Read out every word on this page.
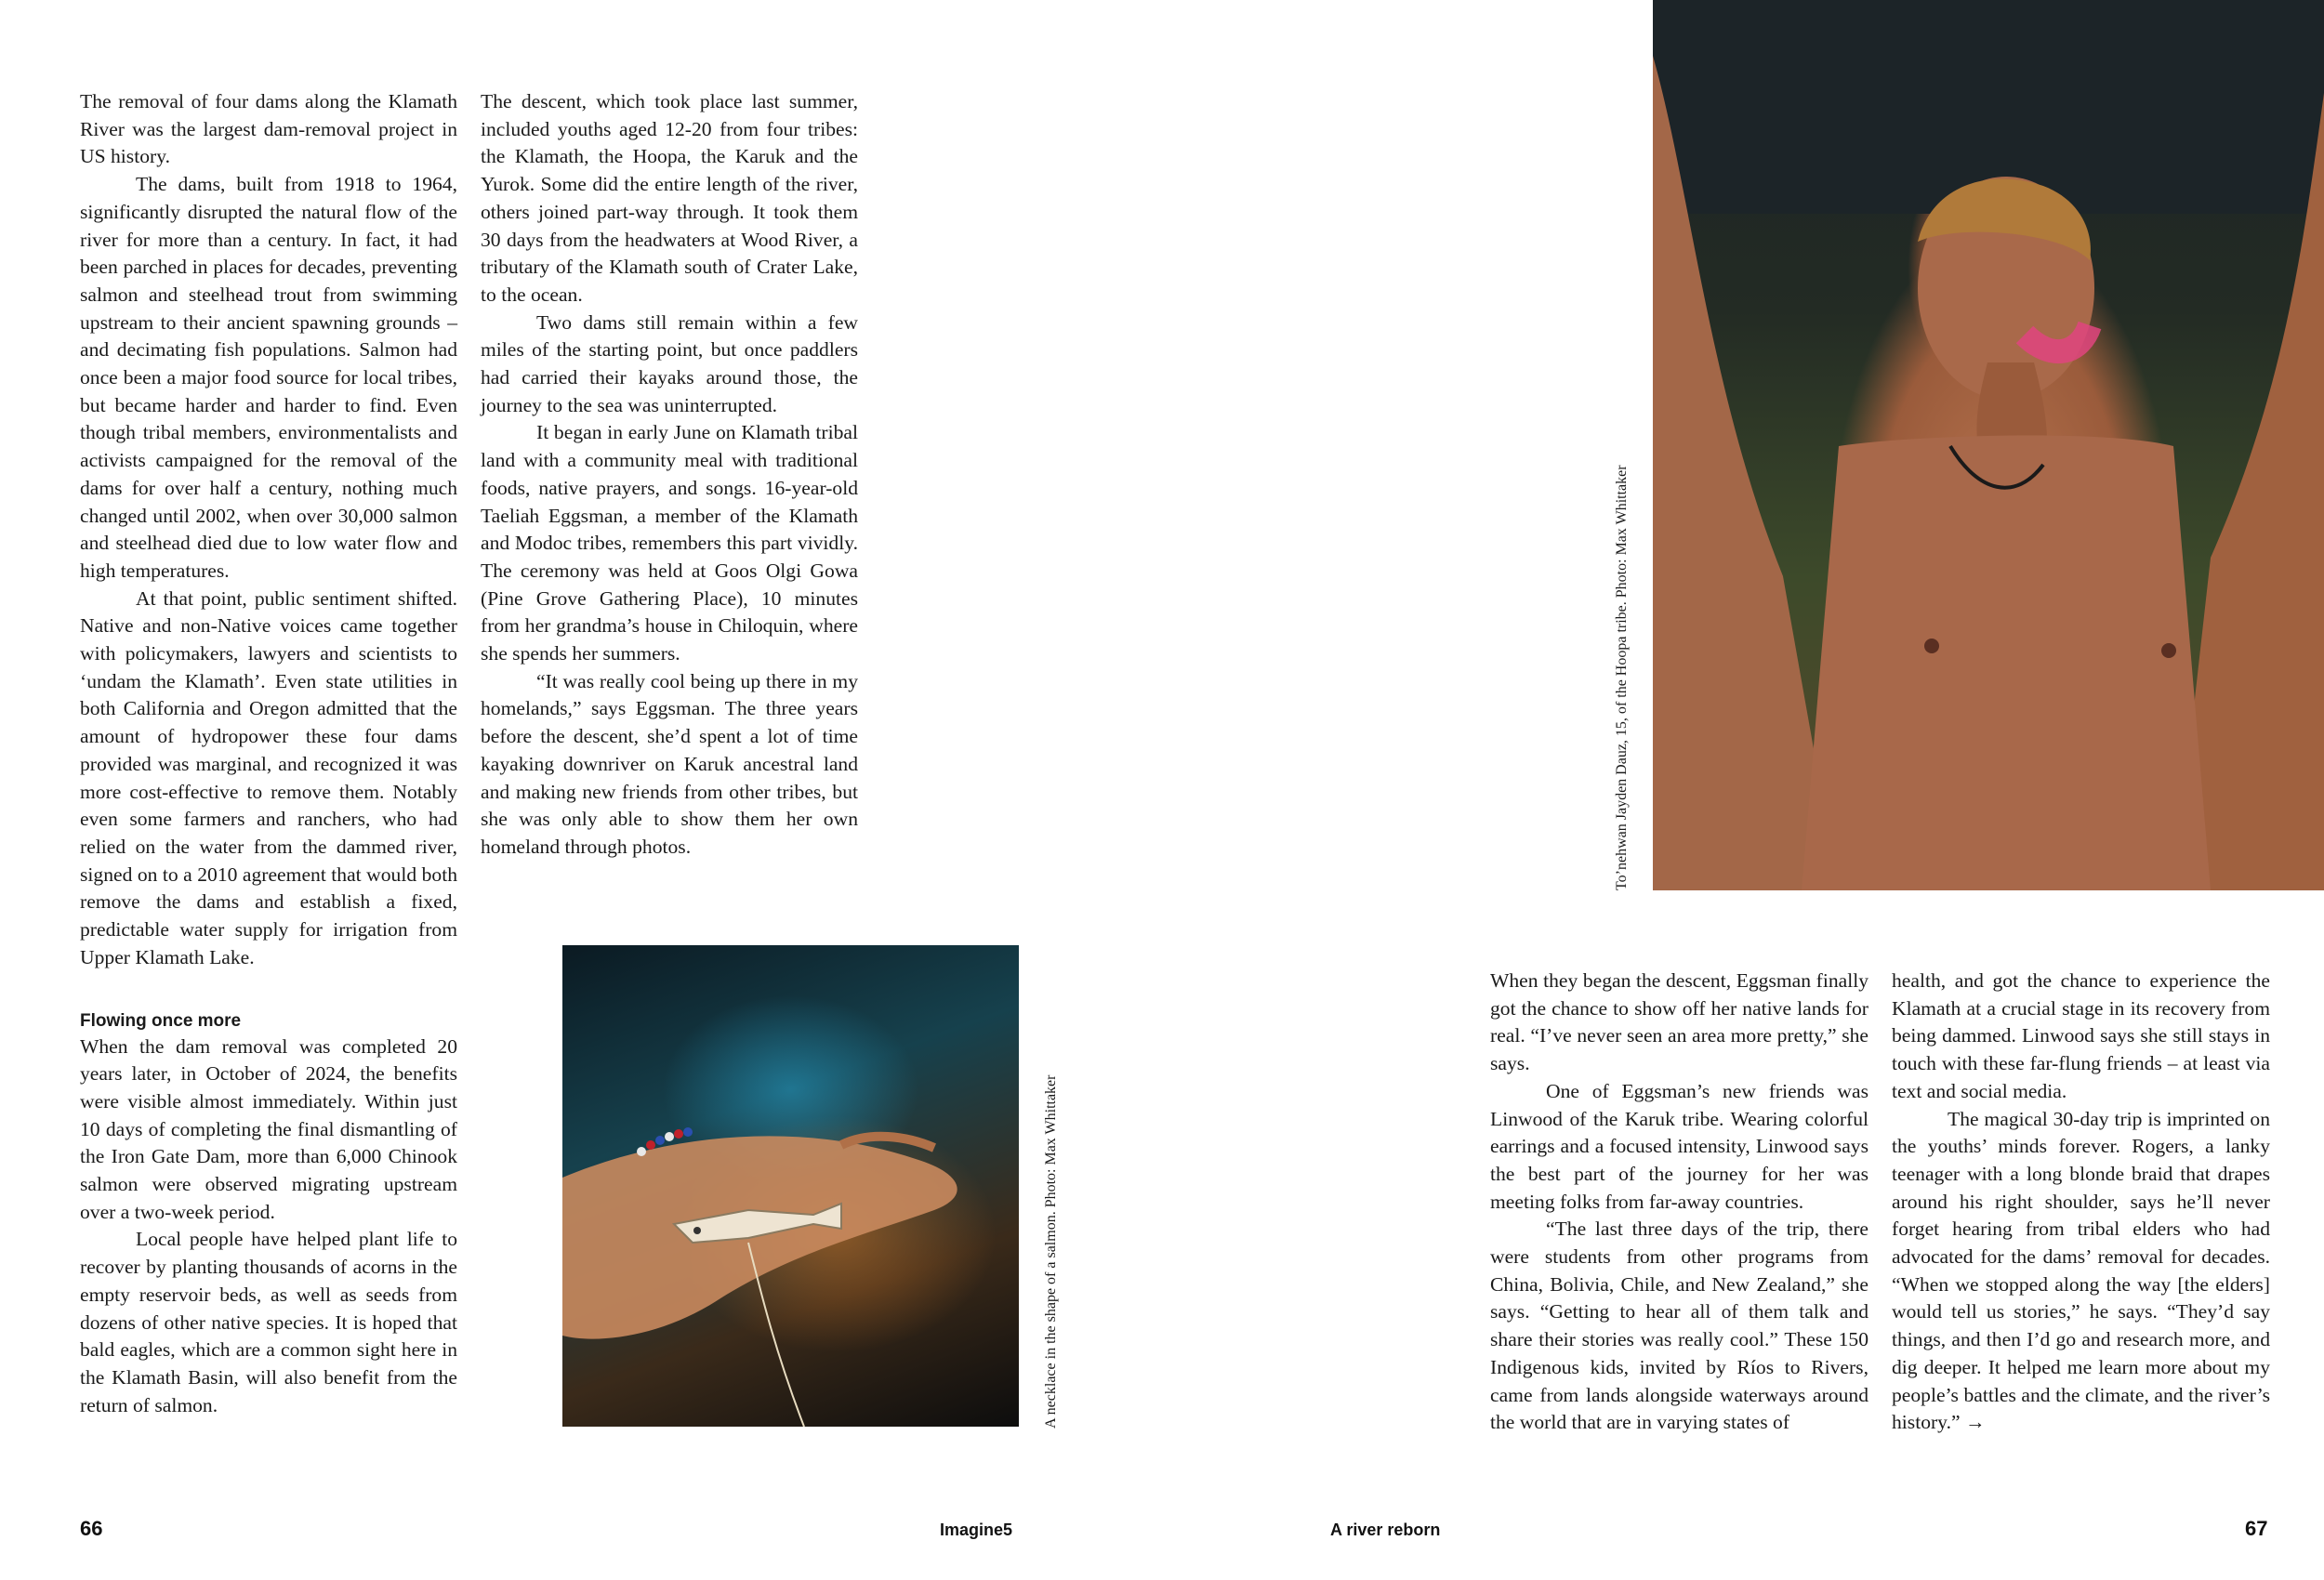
The removal of four dams along the Klamath River was the largest dam-removal project in US history.

The dams, built from 1918 to 1964, significantly disrupted the natural flow of the river for more than a century. In fact, it had been parched in places for decades, preventing salmon and steelhead trout from swimming upstream to their ancient spawning grounds – and decimating fish populations. Salmon had once been a major food source for local tribes, but became harder and harder to find. Even though tribal members, environmentalists and activists campaigned for the removal of the dams for over half a century, nothing much changed until 2002, when over 30,000 salmon and steelhead died due to low water flow and high temperatures.

At that point, public sentiment shifted. Native and non-Native voices came together with policymakers, lawyers and scientists to ‘undam the Klamath’. Even state utilities in both California and Oregon admitted that the amount of hydropower these four dams provided was marginal, and recognized it was more cost-effective to remove them. Notably even some farmers and ranchers, who had relied on the water from the dammed river, signed on to a 2010 agreement that would both remove the dams and establish a fixed, predictable water supply for irrigation from Upper Klamath Lake.

Flowing once more

When the dam removal was completed 20 years later, in October of 2024, the benefits were visible almost immediately. Within just 10 days of completing the final dismantling of the Iron Gate Dam, more than 6,000 Chinook salmon were observed migrating upstream over a two-week period.

Local people have helped plant life to recover by planting thousands of acorns in the empty reservoir beds, as well as seeds from dozens of other native species. It is hoped that bald eagles, which are a common sight here in the Klamath Basin, will also benefit from the return of salmon.

The descent, which took place last summer, included youths aged 12-20 from four tribes: the Klamath, the Hoopa, the Karuk and the Yurok. Some did the entire length of the river, others joined part-way through. It took them 30 days from the headwaters at Wood River, a tributary of the Klamath south of Crater Lake, to the ocean.

Two dams still remain within a few miles of the starting point, but once paddlers had carried their kayaks around those, the journey to the sea was uninterrupted.

It began in early June on Klamath tribal land with a community meal with traditional foods, native prayers, and songs. 16-year-old Taeliah Eggsman, a member of the Klamath and Modoc tribes, remembers this part vividly. The ceremony was held at Goos Olgi Gowa (Pine Grove Gathering Place), 10 minutes from her grandma’s house in Chiloquin, where she spends her summers.

“It was really cool being up there in my homelands,” says Eggsman. The three years before the descent, she’d spent a lot of time kayaking downriver on Karuk ancestral land and making new friends from other tribes, but she was only able to show them her own homeland through photos.

A necklace in the shape of a salmon. Photo: Max Whittaker
To’nehwan Jayden Dauz, 15, of the Hoopa tribe. Photo: Max Whittaker

When they began the descent, Eggsman finally got the chance to show off her native lands for real. “I’ve never seen an area more pretty,” she says.

One of Eggsman’s new friends was Linwood of the Karuk tribe. Wearing colorful earrings and a focused intensity, Linwood says the best part of the journey for her was meeting folks from far-away countries.

“The last three days of the trip, there were students from other programs from China, Bolivia, Chile, and New Zealand,” she says. “Getting to hear all of them talk and share their stories was really cool.” These 150 Indigenous kids, invited by Ríos to Rivers, came from lands alongside waterways around the world that are in varying states of

health, and got the chance to experience the Klamath at a crucial stage in its recovery from being dammed. Linwood says she still stays in touch with these far-flung friends – at least via text and social media.

The magical 30-day trip is imprinted on the youths’ minds forever. Rogers, a lanky teenager with a long blonde braid that drapes around his right shoulder, says he’ll never forget hearing from tribal elders who had advocated for the dams’ removal for decades. “When we stopped along the way [the elders] would tell us stories,” he says. “They’d say things, and then I’d go and research more, and dig deeper. It helped me learn more about my people’s battles and the climate, and the river’s history.” →

66	Imagine5	A river reborn	67
